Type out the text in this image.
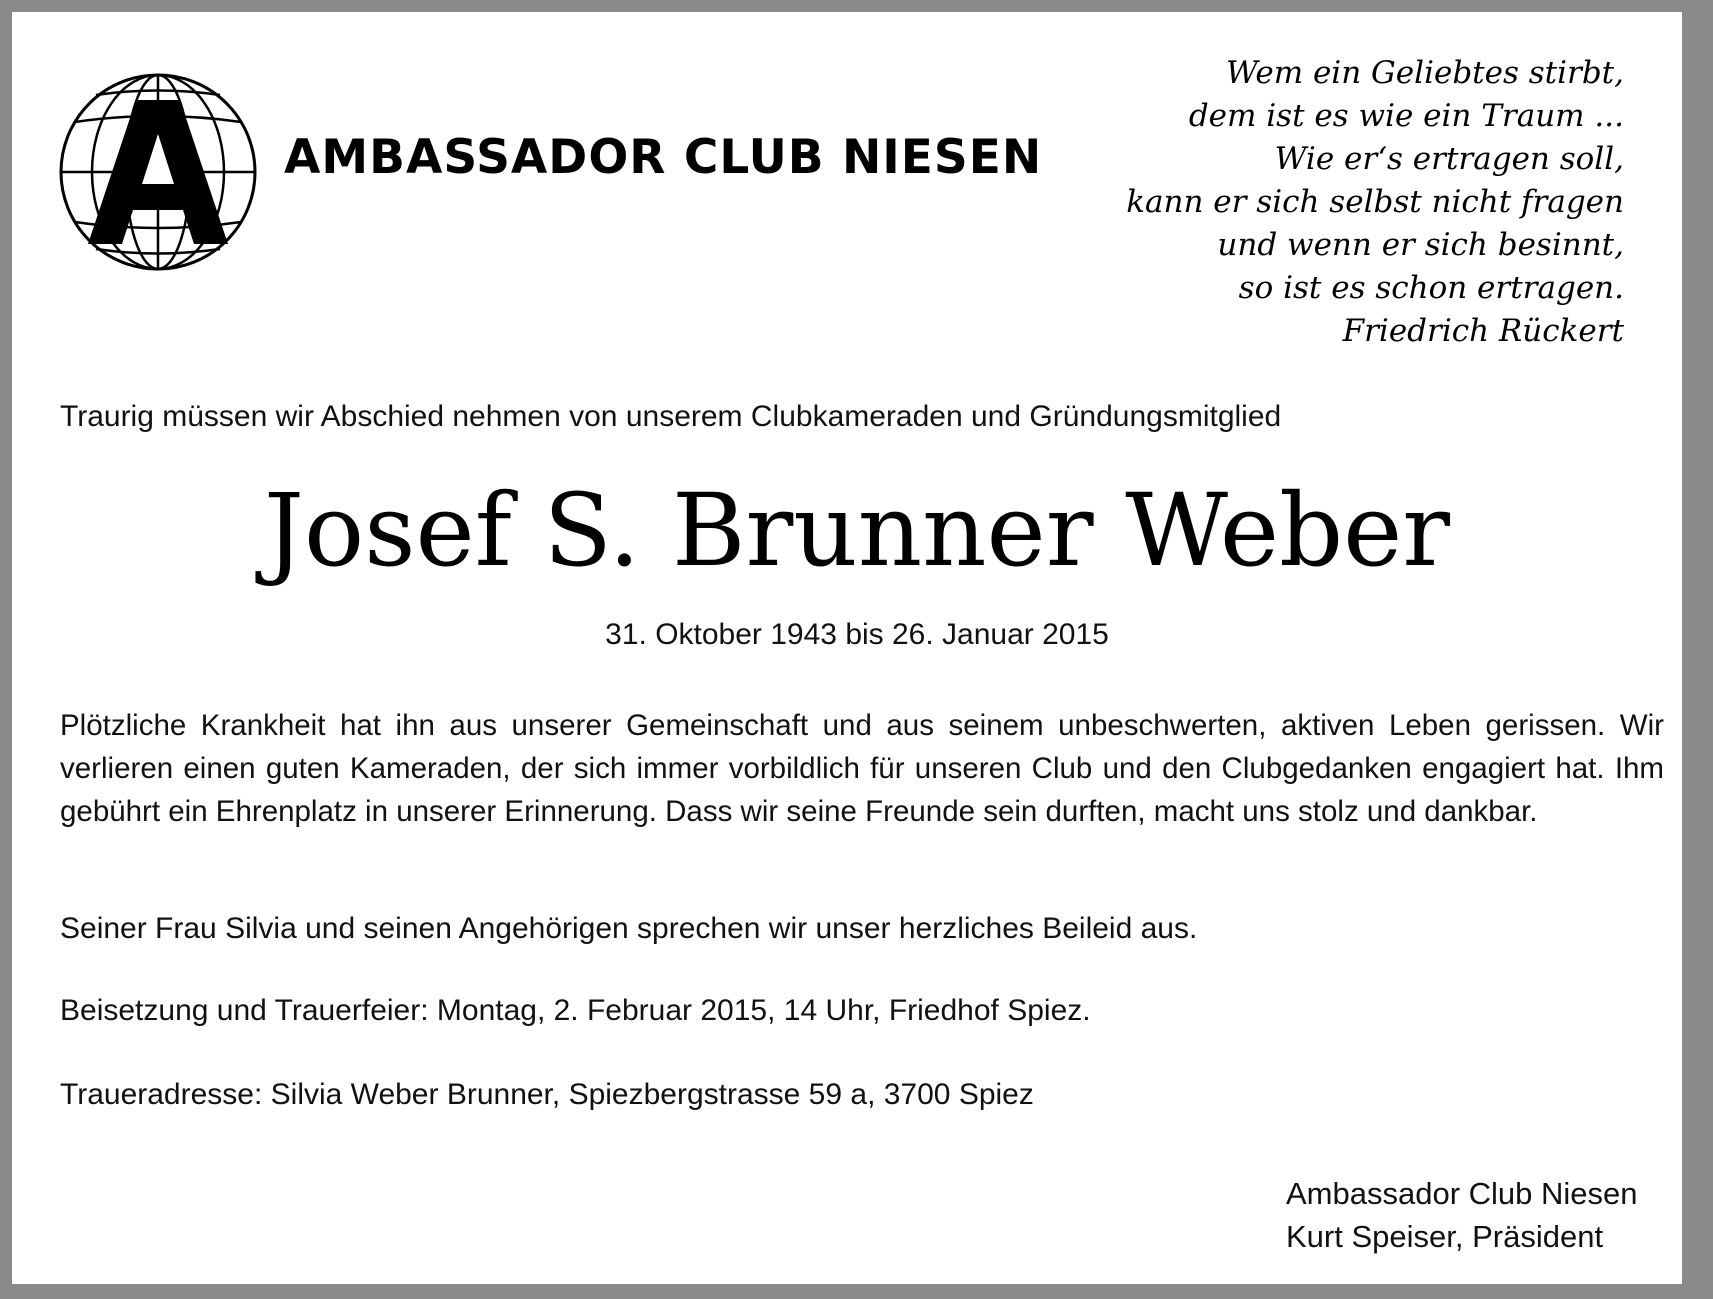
AMBASSADOR CLUB NIESEN
Wem ein Geliebtes stirbt,
dem ist es wie ein Traum ...
Wie er‘s ertragen soll,
kann er sich selbst nicht fragen
und wenn er sich besinnt,
so ist es schon ertragen.
Friedrich Rückert
Traurig müssen wir Abschied nehmen von unserem Clubkameraden und Gründungsmitglied
Josef S. Brunner Weber
31. Oktober 1943 bis 26. Januar 2015
Plötzliche Krankheit hat ihn aus unserer Gemeinschaft und aus seinem unbeschwerten, aktiven Leben gerissen. Wir verlieren einen guten Kameraden, der sich immer vorbildlich für unseren Club und den Clubgedanken engagiert hat. Ihm gebührt ein Ehrenplatz in unserer Erinnerung. Dass wir seine Freunde sein durften, macht uns stolz und dankbar.
Seiner Frau Silvia und seinen Angehörigen sprechen wir unser herzliches Beileid aus.
Beisetzung und Trauerfeier: Montag, 2. Februar 2015, 14 Uhr, Friedhof Spiez.
Traueradresse: Silvia Weber Brunner, Spiezbergstrasse 59 a, 3700 Spiez
Ambassador Club Niesen
Kurt Speiser, Präsident
